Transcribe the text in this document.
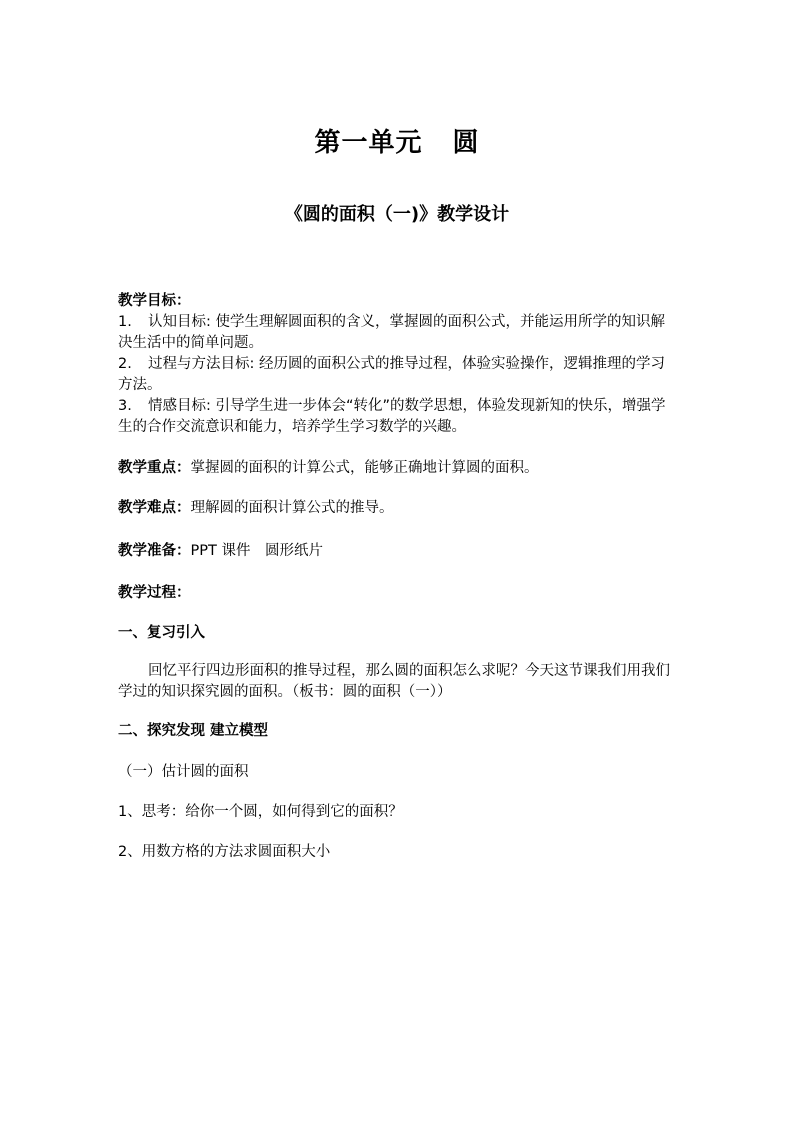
第一单元 圆
《圆的面积（一)》教学设计

教学目标：

1. 认知目标: 使学生理解圆面积的含义，掌握圆的面积公式，并能运用所学的知识解决生活中的简单问题。

2. 过程与方法目标: 经历圆的面积公式的推导过程，体验实验操作，逻辑推理的学习方法。

3. 情感目标: 引导学生进一步体会“转化”的数学思想，体验发现新知的快乐，增强学生的合作交流意识和能力，培养学生学习数学的兴趣。

教学重点：掌握圆的面积的计算公式，能够正确地计算圆的面积。

教学难点：理解圆的面积计算公式的推导。

教学准备：PPT 课件　圆形纸片

教学过程：

一、复习引入

回忆平行四边形面积的推导过程，那么圆的面积怎么求呢？今天这节课我们用我们学过的知识探究圆的面积。（板书：圆的面积（一））

二、探究发现 建立模型

（一）估计圆的面积

1、思考：给你一个圆，如何得到它的面积？

2、用数方格的方法求圆面积大小
